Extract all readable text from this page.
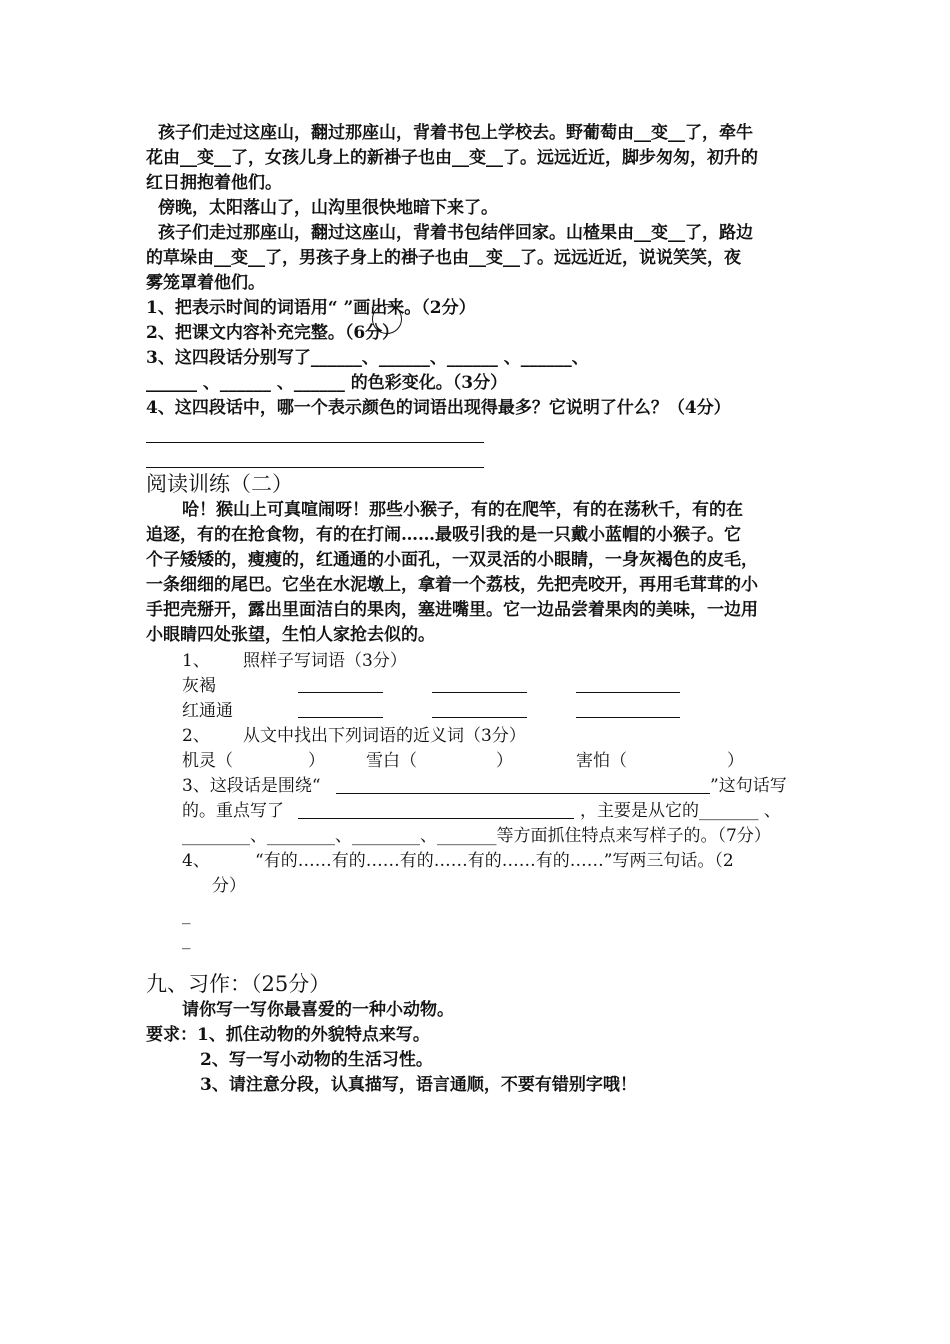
孩子们走过这座山，翻过那座山，背着书包上学校去。野葡萄由__变__了，牵牛
花由__变__了，女孩儿身上的新褂子也由__变__了。远远近近，脚步匆匆，初升的
红日拥抱着他们。
傍晚，太阳落山了，山沟里很快地暗下来了。
孩子们走过那座山，翻过这座山，背着书包结伴回家。山楂果由__变__了，路边
的草垛由__变__了，男孩子身上的褂子也由__变__了。远远近近，说说笑笑，夜
雾笼罩着他们。
1、把表示时间的词语用“ ”画出来。（2分）
2、把课文内容补充完整。（6分）
3、这四段话分别写了______、______、______ 、______、
______ 、______ 、______ 的色彩变化。（3分）
4、这四段话中，哪一个表示颜色的词语出现得最多？它说明了什么？（4分）
阅读训练（二）
哈！猴山上可真喧闹呀！那些小猴子，有的在爬竿，有的在荡秋千，有的在
追逐，有的在抢食物，有的在打闹……最吸引我的是一只戴小蓝帽的小猴子。它
个子矮矮的，瘦瘦的，红通通的小面孔，一双灵活的小眼睛，一身灰褐色的皮毛，
一条细细的尾巴。它坐在水泥墩上，拿着一个荔枝，先把壳咬开，再用毛茸茸的小
手把壳掰开，露出里面洁白的果肉，塞进嘴里。它一边品尝着果肉的美味，一边用
小眼睛四处张望，生怕人家抢去似的。
1、 照样子写词语（3分）
灰褐
红通通
2、 从文中找出下列词语的近义词（3分）
机灵（	） 雪白（	）	害怕（	）
3、这段话是围绕“	”这句话写
的。重点写了	，主要是从它的_______ 、
________、________、________、_______等方面抓住特点来写样子的。（7分）
4、	“有的……有的……有的……有的……有的……”写两三句话。（2
分）
_
_
九、习作：（25分）
请你写一写你最喜爱的一种小动物。
要求：1、抓住动物的外貌特点来写。
2、写一写小动物的生活习性。
3、请注意分段，认真描写，语言通顺，不要有错别字哦！
